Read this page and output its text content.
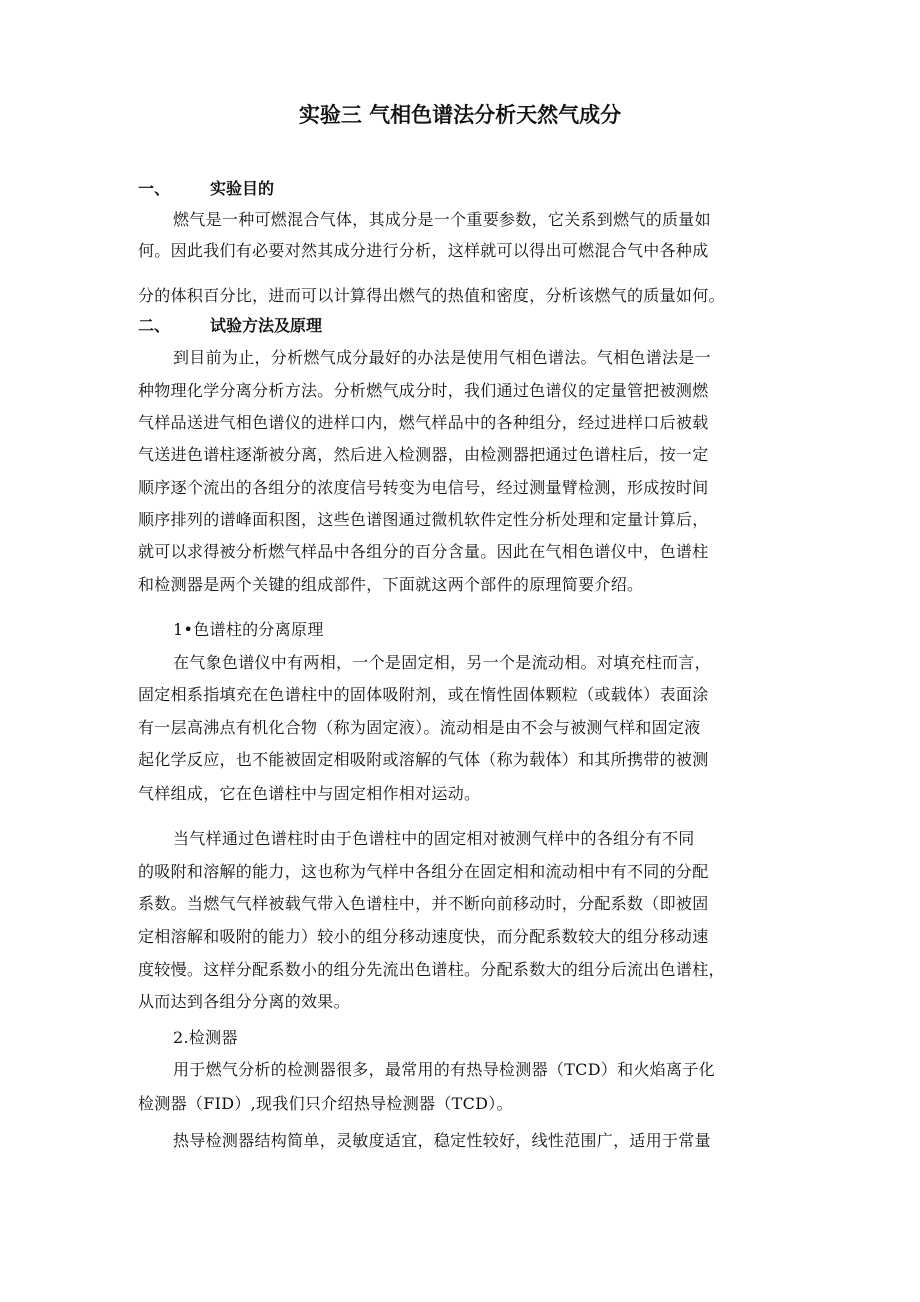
实验三 气相色谱法分析天然气成分
一、 实验目的
燃气是一种可燃混合气体，其成分是一个重要参数，它关系到燃气的质量如
何。因此我们有必要对然其成分进行分析，这样就可以得出可燃混合气中各种成
分的体积百分比，进而可以计算得出燃气的热值和密度，分析该燃气的质量如何。
二、 试验方法及原理
到目前为止，分析燃气成分最好的办法是使用气相色谱法。气相色谱法是一
种物理化学分离分析方法。分析燃气成分时，我们通过色谱仪的定量管把被测燃
气样品送进气相色谱仪的进样口内，燃气样品中的各种组分，经过进样口后被载
气送进色谱柱逐渐被分离，然后进入检测器，由检测器把通过色谱柱后，按一定
顺序逐个流出的各组分的浓度信号转变为电信号，经过测量臂检测，形成按时间
顺序排列的谱峰面积图，这些色谱图通过微机软件定性分析处理和定量计算后，
就可以求得被分析燃气样品中各组分的百分含量。因此在气相色谱仪中，色谱柱
和检测器是两个关键的组成部件，下面就这两个部件的原理简要介绍。
1•色谱柱的分离原理
在气象色谱仪中有两相，一个是固定相，另一个是流动相。对填充柱而言，
固定相系指填充在色谱柱中的固体吸附剂，或在惰性固体颗粒（或载体）表面涂
有一层高沸点有机化合物（称为固定液）。流动相是由不会与被测气样和固定液
起化学反应，也不能被固定相吸附或溶解的气体（称为载体）和其所携带的被测
气样组成，它在色谱柱中与固定相作相对运动。
当气样通过色谱柱时由于色谱柱中的固定相对被测气样中的各组分有不同
的吸附和溶解的能力，这也称为气样中各组分在固定相和流动相中有不同的分配
系数。当燃气气样被载气带入色谱柱中，并不断向前移动时，分配系数（即被固
定相溶解和吸附的能力）较小的组分移动速度快，而分配系数较大的组分移动速
度较慢。这样分配系数小的组分先流出色谱柱。分配系数大的组分后流出色谱柱，
从而达到各组分分离的效果。
2.检测器
用于燃气分析的检测器很多，最常用的有热导检测器（TCD）和火焰离子化
检测器（FID）,现我们只介绍热导检测器（TCD）。
热导检测器结构简单，灵敏度适宜，稳定性较好，线性范围广，适用于常量
